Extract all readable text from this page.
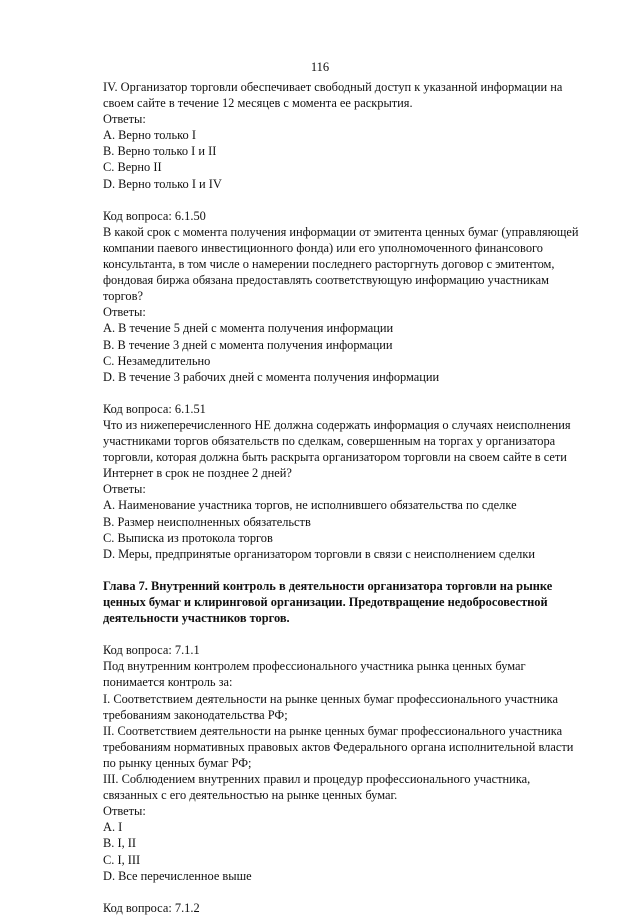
116
IV. Организатор торговли обеспечивает свободный доступ к указанной информации на
своем сайте в течение 12 месяцев с момента ее раскрытия.
Ответы:
A. Верно только I
B. Верно только I и II
C. Верно II
D. Верно только I и IV
Код вопроса: 6.1.50
В какой срок с момента получения информации от эмитента ценных бумаг (управляющей
компании паевого инвестиционного фонда) или его уполномоченного финансового
консультанта, в том числе о намерении последнего расторгнуть договор с эмитентом,
фондовая биржа обязана предоставлять соответствующую информацию участникам
торгов?
Ответы:
A. В течение 5 дней с момента получения информации
B. В течение 3 дней с момента получения информации
C. Незамедлительно
D. В течение 3 рабочих дней с момента получения информации
Код вопроса: 6.1.51
Что из нижеперечисленного НЕ должна содержать информация о случаях неисполнения
участниками торгов обязательств по сделкам, совершенным на торгах у организатора
торговли, которая должна быть раскрыта организатором торговли на своем сайте в сети
Интернет в срок не позднее 2 дней?
Ответы:
A. Наименование участника торгов, не исполнившего обязательства по сделке
B. Размер неисполненных обязательств
C. Выписка из протокола торгов
D. Меры, предпринятые организатором торговли в связи с неисполнением сделки
Глава 7. Внутренний контроль в деятельности организатора торговли на рынке
ценных бумаг и клиринговой организации. Предотвращение недобросовестной
деятельности участников торгов.
Код вопроса: 7.1.1
Под внутренним контролем профессионального участника рынка ценных бумаг
понимается контроль за:
I. Соответствием деятельности на рынке ценных бумаг профессионального участника
требованиям законодательства РФ;
II. Соответствием деятельности на рынке ценных бумаг профессионального участника
требованиям нормативных правовых актов Федерального органа исполнительной власти
по рынку ценных бумаг РФ;
III. Соблюдением внутренних правил и процедур профессионального участника,
связанных с его деятельностью на рынке ценных бумаг.
Ответы:
A. I
B. I, II
C. I, III
D. Все перечисленное выше
Код вопроса: 7.1.2
